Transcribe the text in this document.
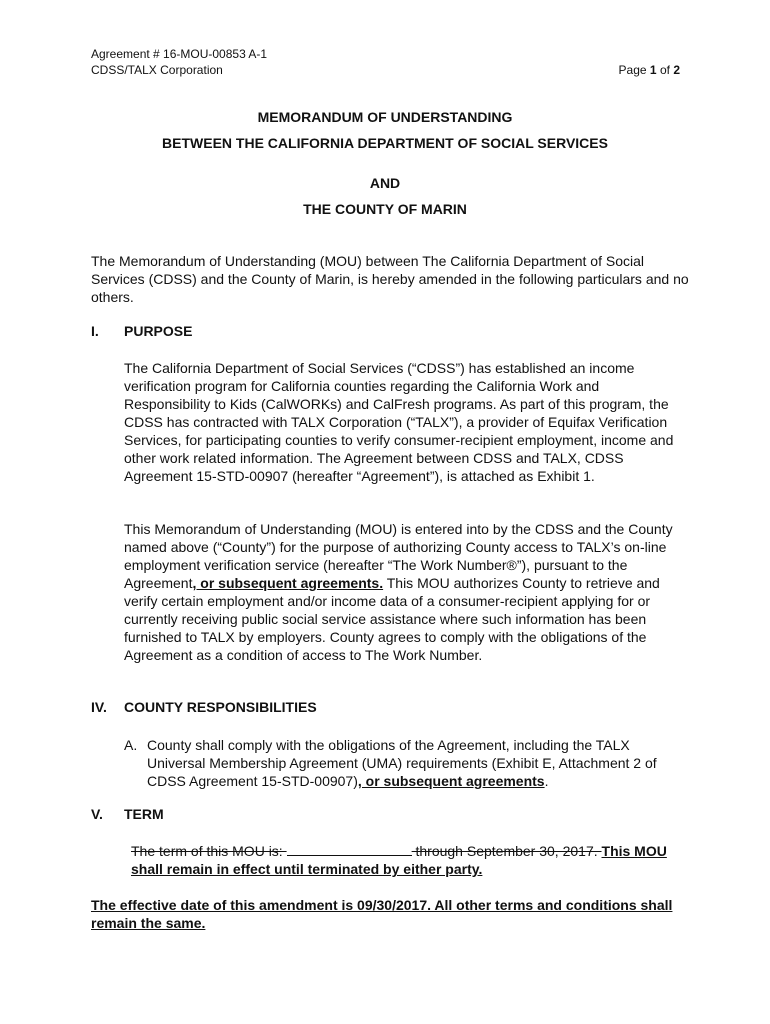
Agreement # 16-MOU-00853 A-1
CDSS/TALX Corporation	Page 1 of 2
MEMORANDUM OF UNDERSTANDING
BETWEEN THE CALIFORNIA DEPARTMENT OF SOCIAL SERVICES
AND
THE COUNTY OF MARIN
The Memorandum of Understanding (MOU) between The California Department of Social Services (CDSS) and the County of Marin, is hereby amended in the following particulars and no others.
I. PURPOSE
The California Department of Social Services (“CDSS”) has established an income verification program for California counties regarding the California Work and Responsibility to Kids (CalWORKs) and CalFresh programs. As part of this program, the CDSS has contracted with TALX Corporation (“TALX”), a provider of Equifax Verification Services, for participating counties to verify consumer-recipient employment, income and other work related information. The Agreement between CDSS and TALX, CDSS Agreement 15-STD-00907 (hereafter “Agreement”), is attached as Exhibit 1.
This Memorandum of Understanding (MOU) is entered into by the CDSS and the County named above (“County”) for the purpose of authorizing County access to TALX’s on-line employment verification service (hereafter “The Work Number®”), pursuant to the Agreement, or subsequent agreements. This MOU authorizes County to retrieve and verify certain employment and/or income data of a consumer-recipient applying for or currently receiving public social service assistance where such information has been furnished to TALX by employers. County agrees to comply with the obligations of the Agreement as a condition of access to The Work Number.
IV. COUNTY RESPONSIBILITIES
A. County shall comply with the obligations of the Agreement, including the TALX Universal Membership Agreement (UMA) requirements (Exhibit E, Attachment 2 of CDSS Agreement 15-STD-00907), or subsequent agreements.
V. TERM
The term of this MOU is:	through September 30, 2017. This MOU shall remain in effect until terminated by either party.
The effective date of this amendment is 09/30/2017. All other terms and conditions shall remain the same.
